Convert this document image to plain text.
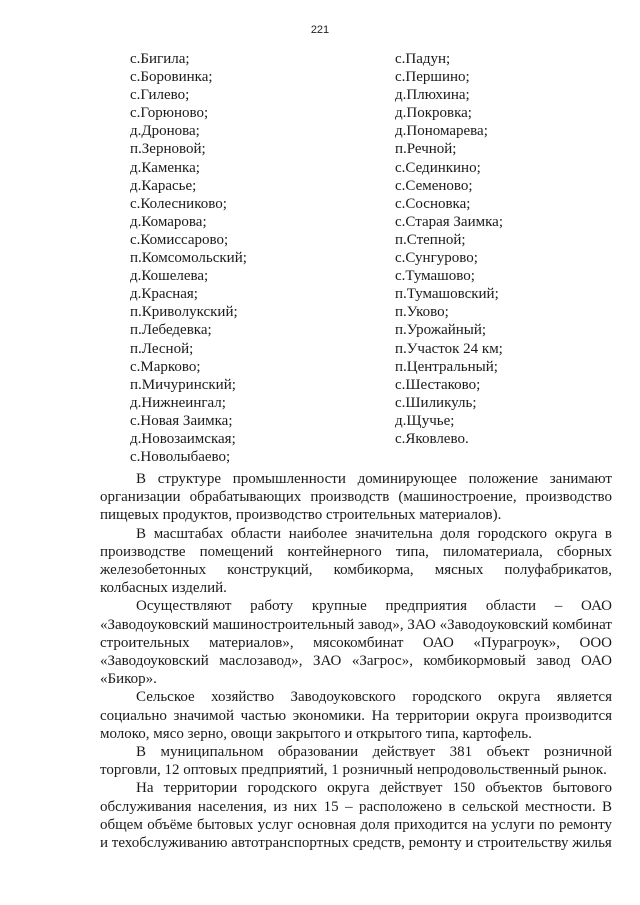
221
с.Бигила;
с.Боровинка;
с.Гилево;
с.Горюново;
д.Дронова;
п.Зерновой;
д.Каменка;
д.Карасье;
с.Колесниково;
д.Комарова;
с.Комиссарово;
п.Комсомольский;
д.Кошелева;
д.Красная;
п.Криволукский;
п.Лебедевка;
п.Лесной;
с.Марково;
п.Мичуринский;
д.Нижнеингал;
с.Новая Заимка;
д.Новозаимская;
с.Новолыбаево;
с.Падун;
с.Першино;
д.Плюхина;
д.Покровка;
д.Пономарева;
п.Речной;
с.Сединкино;
с.Семеново;
с.Сосновка;
с.Старая Заимка;
п.Степной;
с.Сунгурово;
с.Тумашово;
п.Тумашовский;
п.Уково;
п.Урожайный;
п.Участок 24 км;
п.Центральный;
с.Шестаково;
с.Шиликуль;
д.Щучье;
с.Яковлево.

В структуре промышленности доминирующее положение занимают организации обрабатывающих производств (машиностроение, производство пищевых продуктов, производство строительных материалов).

В масштабах области наиболее значительна доля городского округа в производстве помещений контейнерного типа, пиломатериала, сборных железобетонных конструкций, комбикорма, мясных полуфабрикатов, колбасных изделий.

Осуществляют работу крупные предприятия области – ОАО «Заводоуковский машиностроительный завод», ЗАО «Заводоуковский комбинат строительных материалов», мясокомбинат ОАО «Пурагроук», ООО «Заводоуковский маслозавод», ЗАО «Загрос», комбикормовый завод ОАО «Бикор».

Сельское хозяйство Заводоуковского городского округа является социально значимой частью экономики. На территории округа производится молоко, мясо зерно, овощи закрытого и открытого типа, картофель.

В муниципальном образовании действует 381 объект розничной торговли, 12 оптовых предприятий, 1 розничный непродовольственный рынок.

На территории городского округа действует 150 объектов бытового обслуживания населения, из них 15 – расположено в сельской местности. В общем объёме бытовых услуг основная доля приходится на услуги по ремонту и техобслуживанию автотранспортных средств, ремонту и строительству жилья
